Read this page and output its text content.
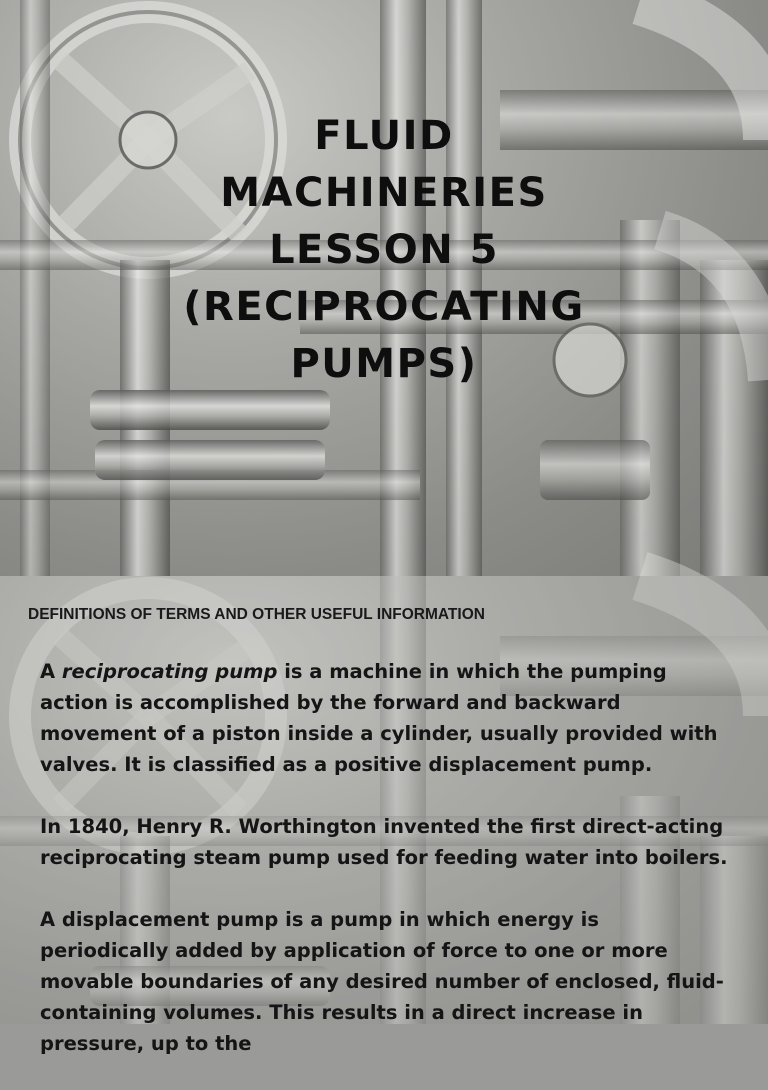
FLUID
MACHINERIES
LESSON 5
(RECIPROCATING
PUMPS)
DEFINITIONS OF TERMS AND OTHER USEFUL INFORMATION

A reciprocating pump is a machine in which the pumping action is accomplished by the forward and backward movement of a piston inside a cylinder, usually provided with valves. It is classified as a positive displacement pump.

In 1840, Henry R. Worthington invented the first direct-acting reciprocating steam pump used for feeding water into boilers.

A displacement pump is a pump in which energy is periodically added by application of force to one or more movable boundaries of any desired number of enclosed, fluid-containing volumes. This results in a direct increase in pressure, up to the
